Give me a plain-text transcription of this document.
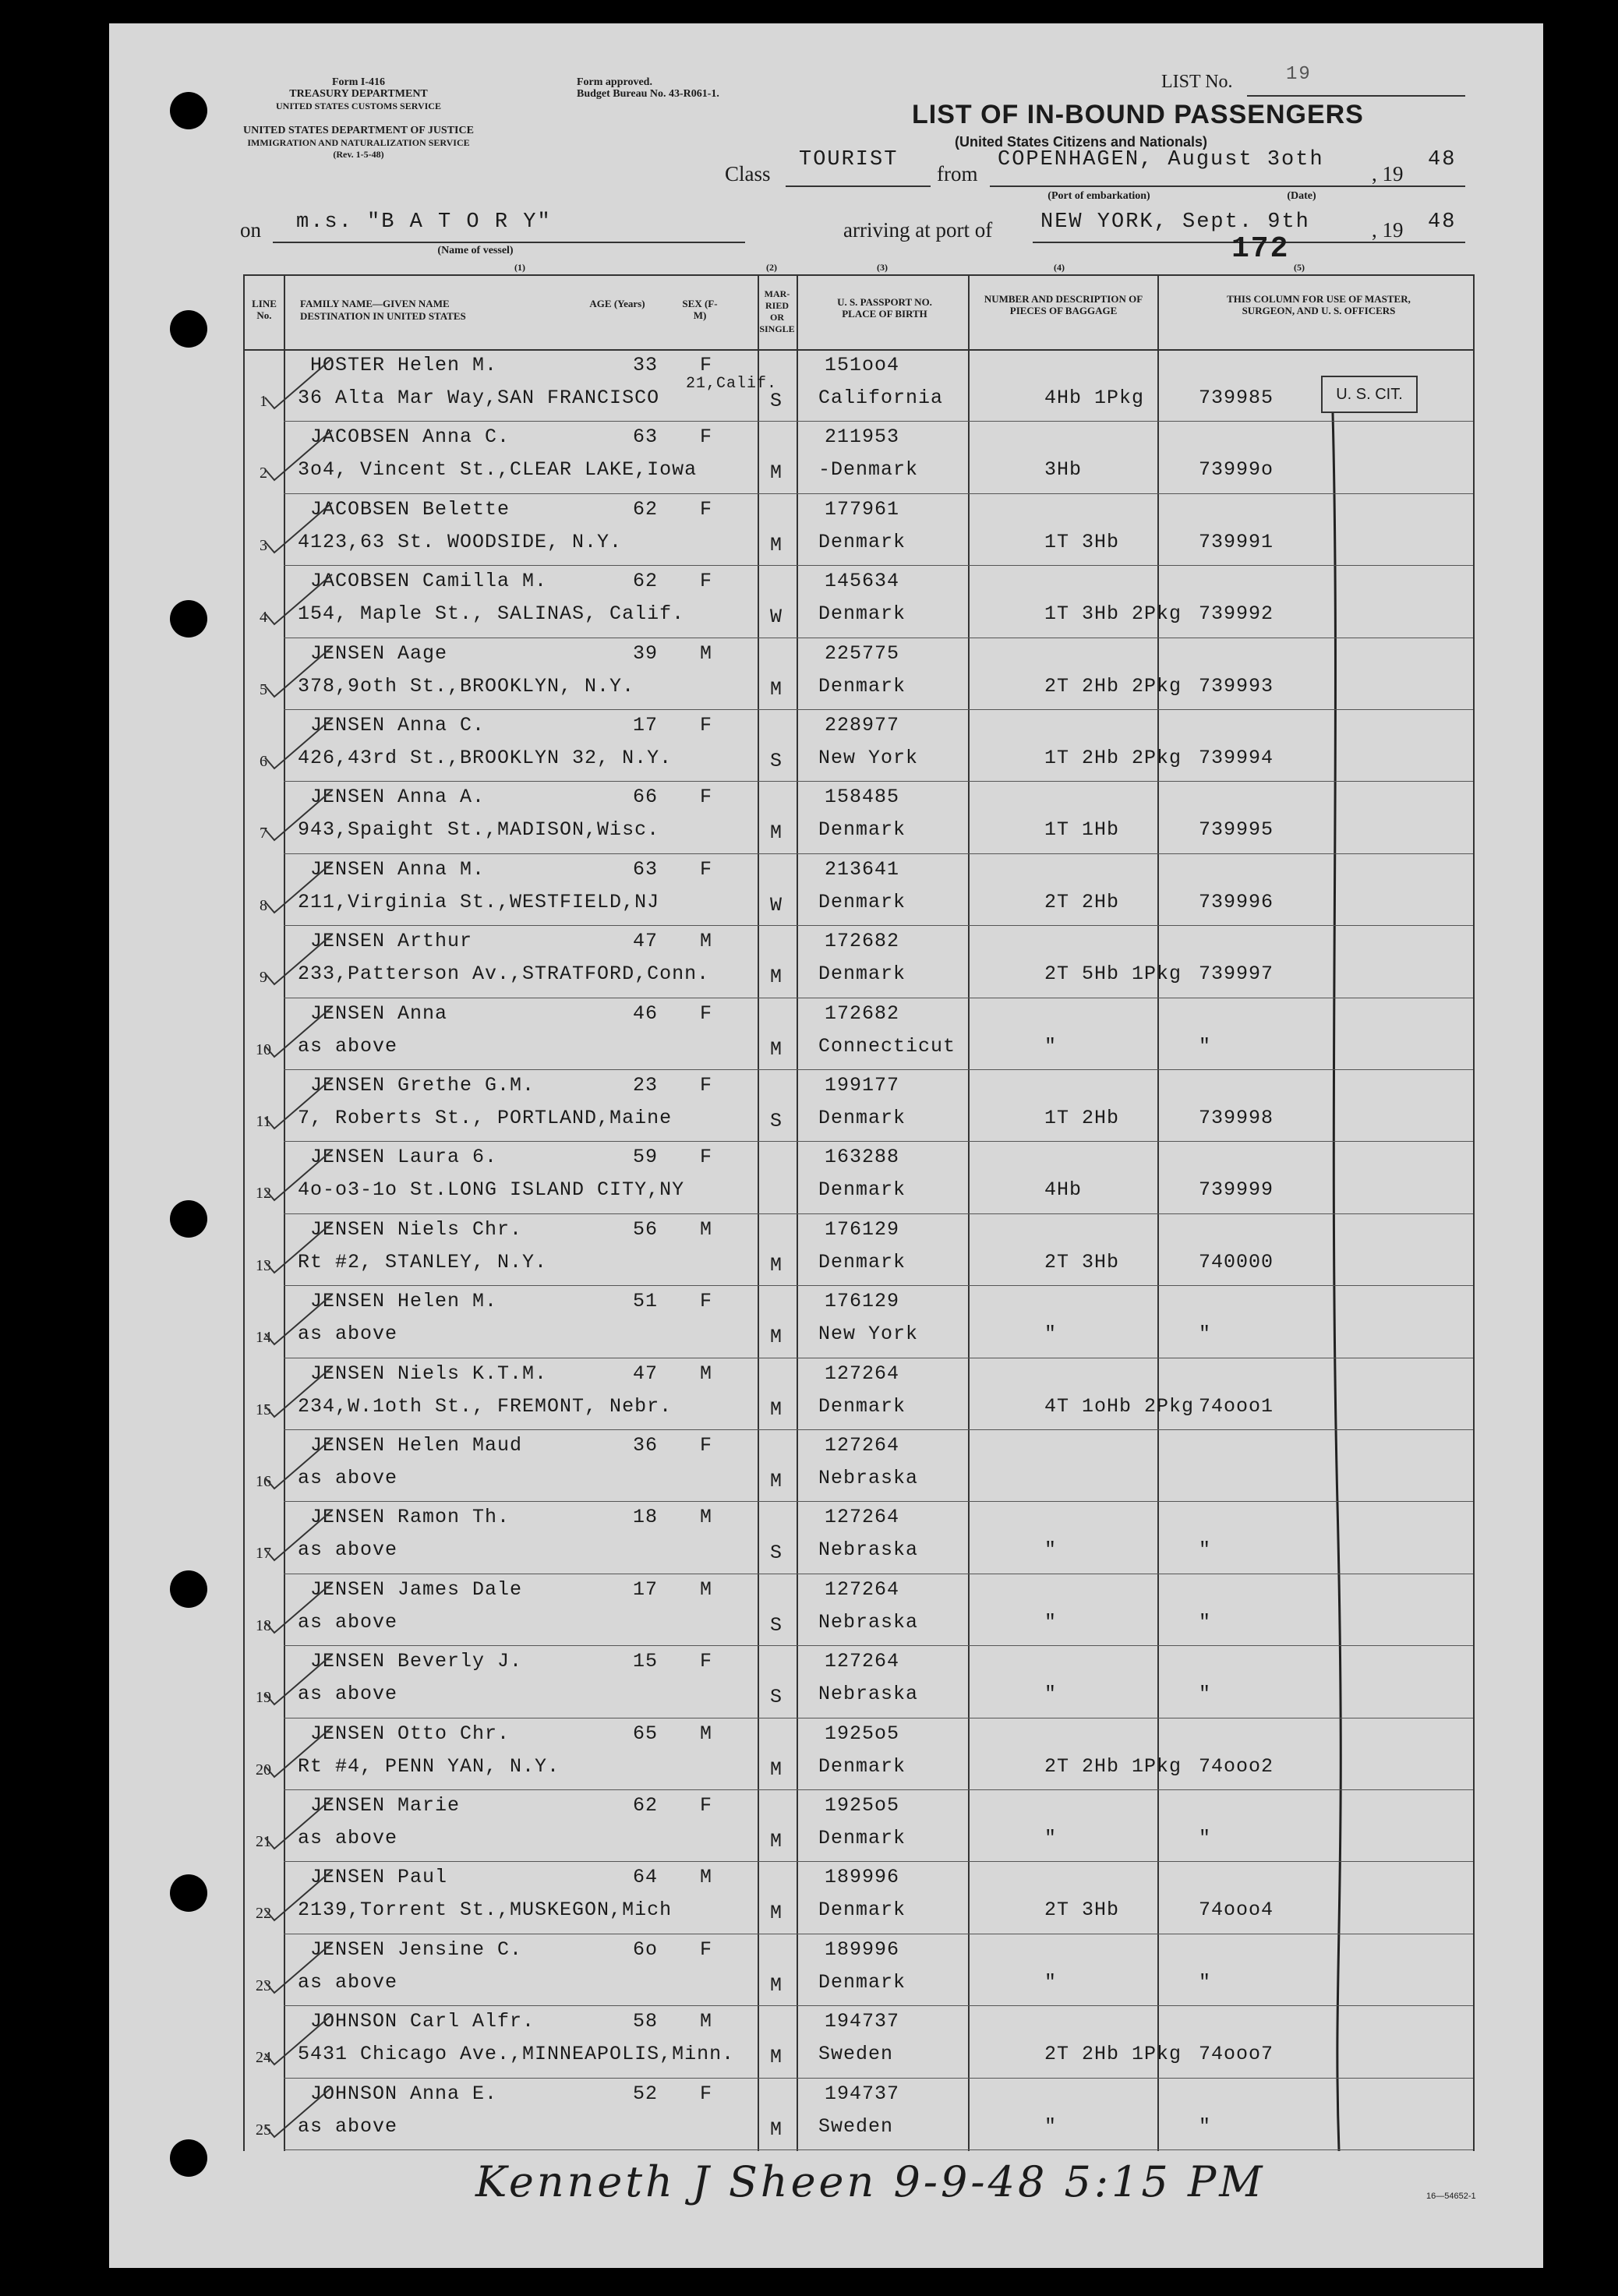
Form I-416
TREASURY DEPARTMENT
UNITED STATES CUSTOMS SERVICE
UNITED STATES DEPARTMENT OF JUSTICE
IMMIGRATION AND NATURALIZATION SERVICE
(Rev. 1-5-48)
Form approved.
Budget Bureau No. 43-R061-1.
LIST No.	19
LIST OF IN-BOUND PASSENGERS
(United States Citizens and Nationals)
Class
TOURIST
from
COPENHAGEN, August 3oth
, 19
48
(Port of embarkation)	(Date)
on m.s. "B A T O R Y"
(Name of vessel)
arriving at port of NEW YORK, Sept. 9th	, 19 48
172
(1)	(2)	(3)	(4)	(5)
LINE No.
FAMILY NAME—GIVEN NAME
DESTINATION IN UNITED STATES
AGE (Years)	SEX (F-M)
MAR-RIED OR SINGLE
U. S. PASSPORT NO. PLACE OF BIRTH
NUMBER AND DESCRIPTION OF PIECES OF BAGGAGE
THIS COLUMN FOR USE OF MASTER, SURGEON, AND U. S. OFFICERS
U. S. CIT.
1
HOSTER Helen M.	33 F
36 Alta Mar Way,SAN FRANCISCO
21,Calif.
S
151oo4
California	4Hb 1Pkg	739985
2
JACOBSEN Anna C.	63 F
3o4, Vincent St.,CLEAR LAKE,Iowa	M
211953
-Denmark	3Hb	73999o
3
JACOBSEN Belette	62 F
4123,63 St. WOODSIDE, N.Y.	M
177961
Denmark	1T 3Hb	739991
4
JACOBSEN Camilla M.	62 F
154, Maple St., SALINAS, Calif.	W
145634
Denmark	1T 3Hb 2Pkg 739992
5
JENSEN Aage	39 M
378,9oth St.,BROOKLYN, N.Y.	M
225775
Denmark	2T 2Hb 2Pkg 739993
6
JENSEN Anna C.	17 F
426,43rd St.,BROOKLYN 32, N.Y.	S
228977
New York	1T 2Hb 2Pkg 739994
7
JENSEN Anna A.	66 F
943,Spaight St.,MADISON,Wisc.	M
158485
Denmark	1T 1Hb	739995
8
JENSEN Anna M.	63 F
211,Virginia St.,WESTFIELD,NJ	W
213641
Denmark	2T 2Hb	739996
9
JENSEN Arthur	47 M
233,Patterson Av.,STRATFORD,Conn.	M
172682
Denmark	2T 5Hb 1Pkg 739997
10
JENSEN Anna	46 F
as above	M
172682
Connecticut	"	"
11
JENSEN Grethe G.M.	23 F
7, Roberts St., PORTLAND,Maine	S
199177
Denmark	1T 2Hb	739998
12
JENSEN Laura 6.	59 F
4o-o3-1o St.LONG ISLAND CITY,NY
163288
Denmark	4Hb	739999
13
JENSEN Niels Chr.	56 M
Rt #2, STANLEY, N.Y.	M
176129
Denmark	2T 3Hb	740000
14
JENSEN Helen M.	51 F
as above	M
176129
New York	"	"
15
JENSEN Niels K.T.M.	47 M
234,W.1oth St., FREMONT, Nebr.	M
127264
Denmark	4T 1oHb 2Pkg 74ooo1
16
JENSEN Helen Maud	36 F
as above	M
127264
Nebraska
17
JENSEN Ramon Th.	18 M
as above	S
127264
Nebraska	"	"
18
JENSEN James Dale	17 M
as above	S
127264
Nebraska	"	"
19
JENSEN Beverly J.	15 F
as above	S
127264
Nebraska	"	"
20
JENSEN Otto Chr.	65 M
Rt #4, PENN YAN, N.Y.	M
1925o5
Denmark	2T 2Hb 1Pkg 74ooo2
21
JENSEN Marie	62 F
as above	M
1925o5
Denmark	"	"
22
JENSEN Paul	64 M
2139,Torrent St.,MUSKEGON,Mich	M
189996
Denmark	2T 3Hb	74ooo4
23
JENSEN Jensine C.	6o F
as above	M
189996
Denmark	"	"
24
JOHNSON Carl Alfr.	58 M
5431 Chicago Ave.,MINNEAPOLIS,Minn. M
194737
Sweden	2T 2Hb 1Pkg 74ooo7
25
JOHNSON Anna E.	52 F
as above	M
194737
Sweden	"	"
Kenneth J Sheen 9-9-48 5:15 PM	16—54652-1
